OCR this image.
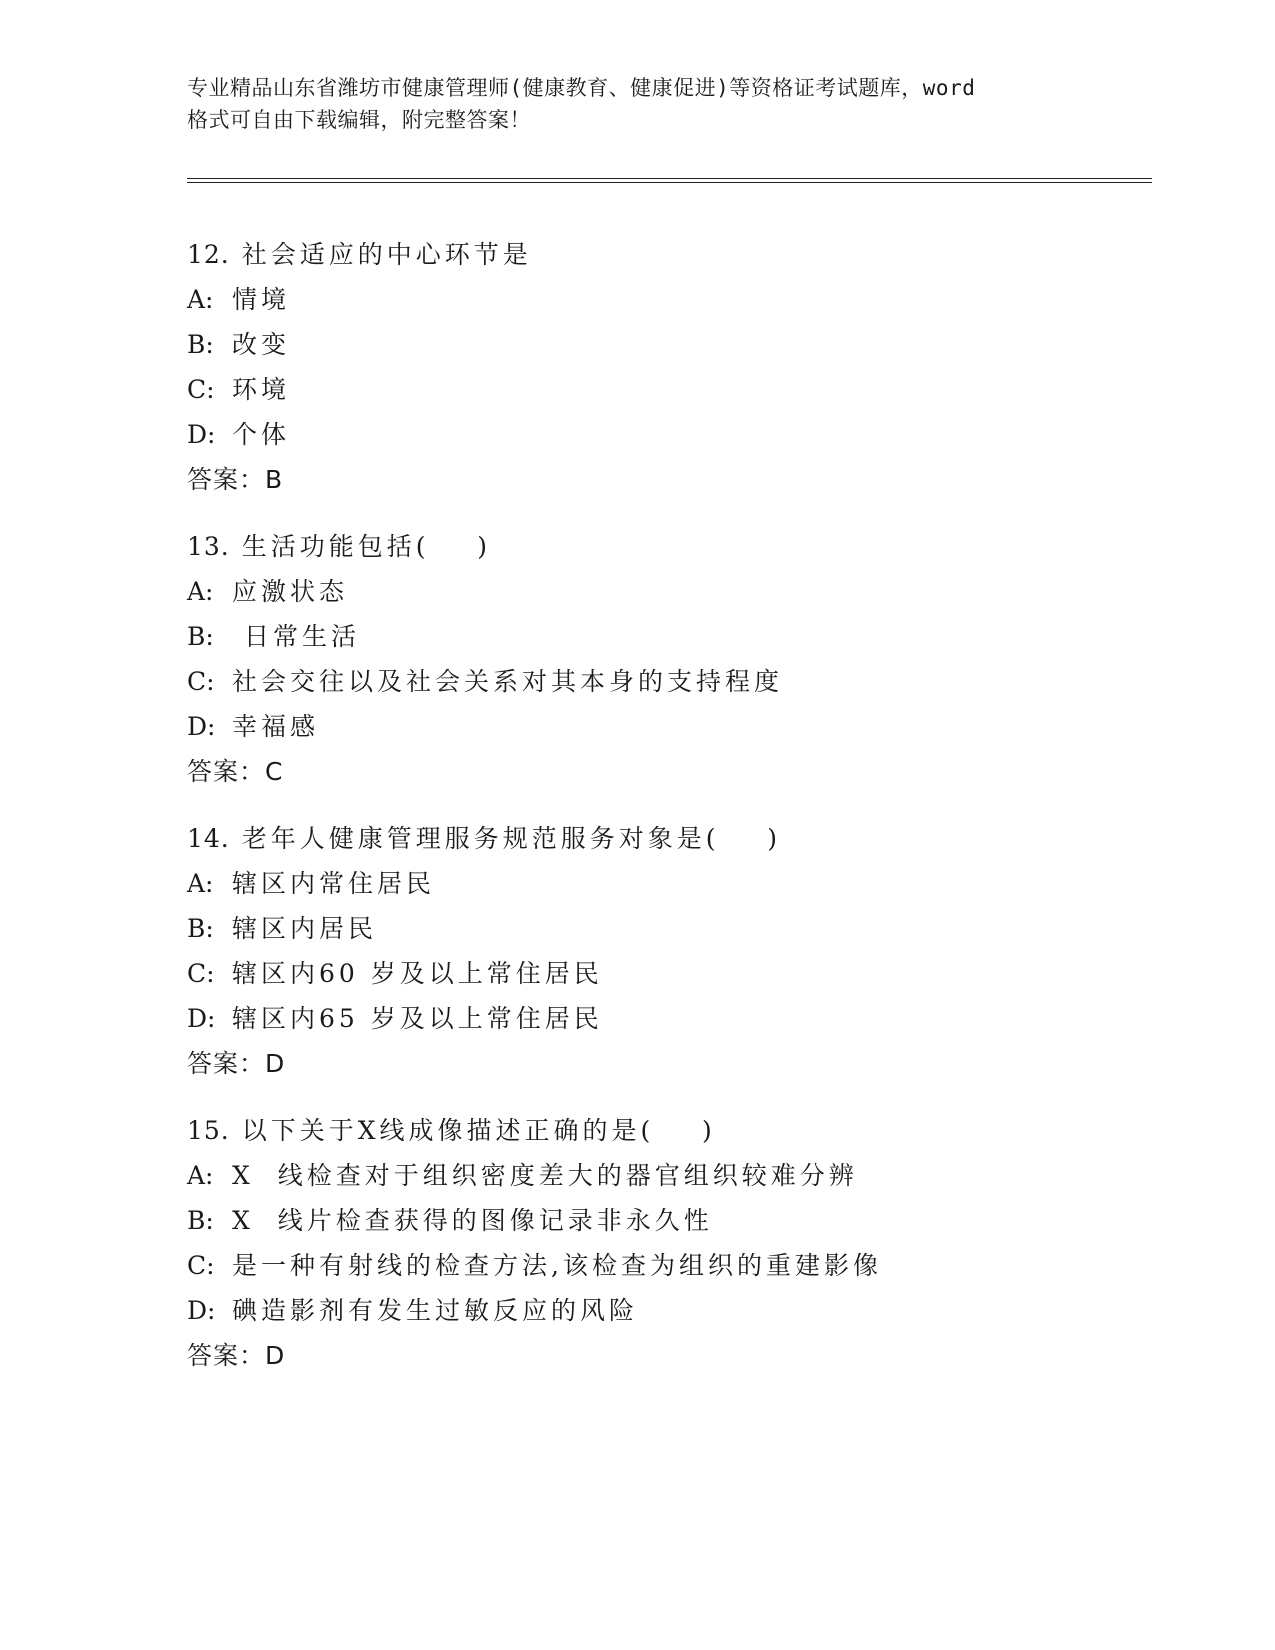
专业精品山东省潍坊市健康管理师(健康教育、健康促进)等资格证考试题库，word
格式可自由下载编辑，附完整答案！
12. 社会适应的中心环节是
A: 情境
B: 改变
C: 环境
D: 个体
答案：B
13. 生活功能包括(    )
A: 应激状态
B: 日常生活
C: 社会交往以及社会关系对其本身的支持程度
D: 幸福感
答案：C
14. 老年人健康管理服务规范服务对象是(    )
A: 辖区内常住居民
B: 辖区内居民
C: 辖区内60 岁及以上常住居民
D: 辖区内65 岁及以上常住居民
答案：D
15. 以下关于X线成像描述正确的是(    )
A: X  线检查对于组织密度差大的器官组织较难分辨
B: X  线片检查获得的图像记录非永久性
C: 是一种有射线的检查方法,该检查为组织的重建影像
D: 碘造影剂有发生过敏反应的风险
答案：D
